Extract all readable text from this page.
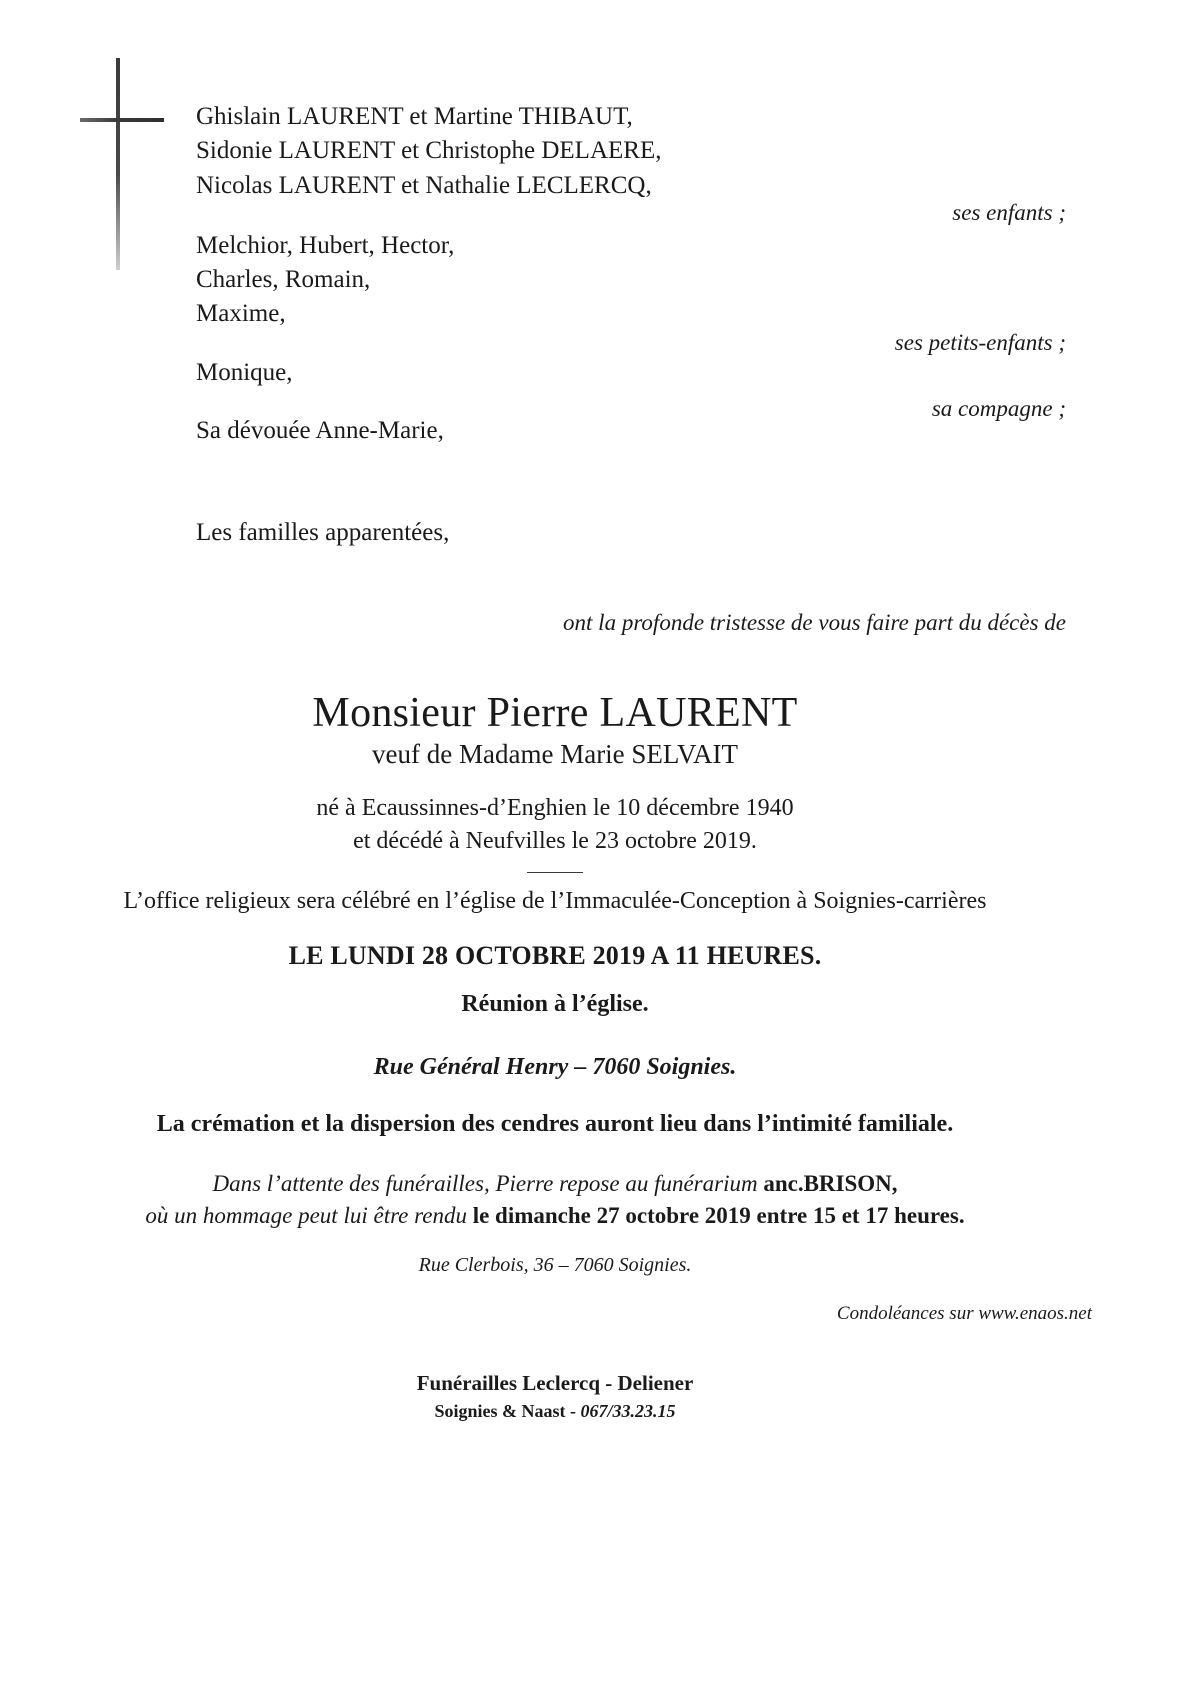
Ghislain LAURENT et Martine THIBAUT,
Sidonie LAURENT et Christophe DELAERE,
Nicolas LAURENT et Nathalie LECLERCQ,
Melchior, Hubert, Hector,
Charles, Romain,
Maxime,
Monique,
Sa dévouée Anne-Marie,
ses enfants ;
ses petits-enfants ;
sa compagne ;
Les familles apparentées,
ont la profonde tristesse de vous faire part du décès de
Monsieur Pierre LAURENT
veuf de Madame Marie SELVAIT
né à Ecaussinnes-d’Enghien le 10 décembre 1940
et décédé à Neufvilles le 23 octobre 2019.
L’office religieux sera célébré en l’église de l’Immaculée-Conception à Soignies-carrières
LE LUNDI 28 OCTOBRE 2019 A 11 HEURES.
Réunion à l’église.
Rue Général Henry – 7060 Soignies.
La crémation et la dispersion des cendres auront lieu dans l’intimité familiale.
Dans l’attente des funérailles, Pierre repose au funérarium anc.BRISON,
où un hommage peut lui être rendu le dimanche 27 octobre 2019 entre 15 et 17 heures.
Rue Clerbois, 36 – 7060 Soignies.
Condoléances sur www.enaos.net
Funérailles Leclercq - Deliener
Soignies & Naast - 067/33.23.15
